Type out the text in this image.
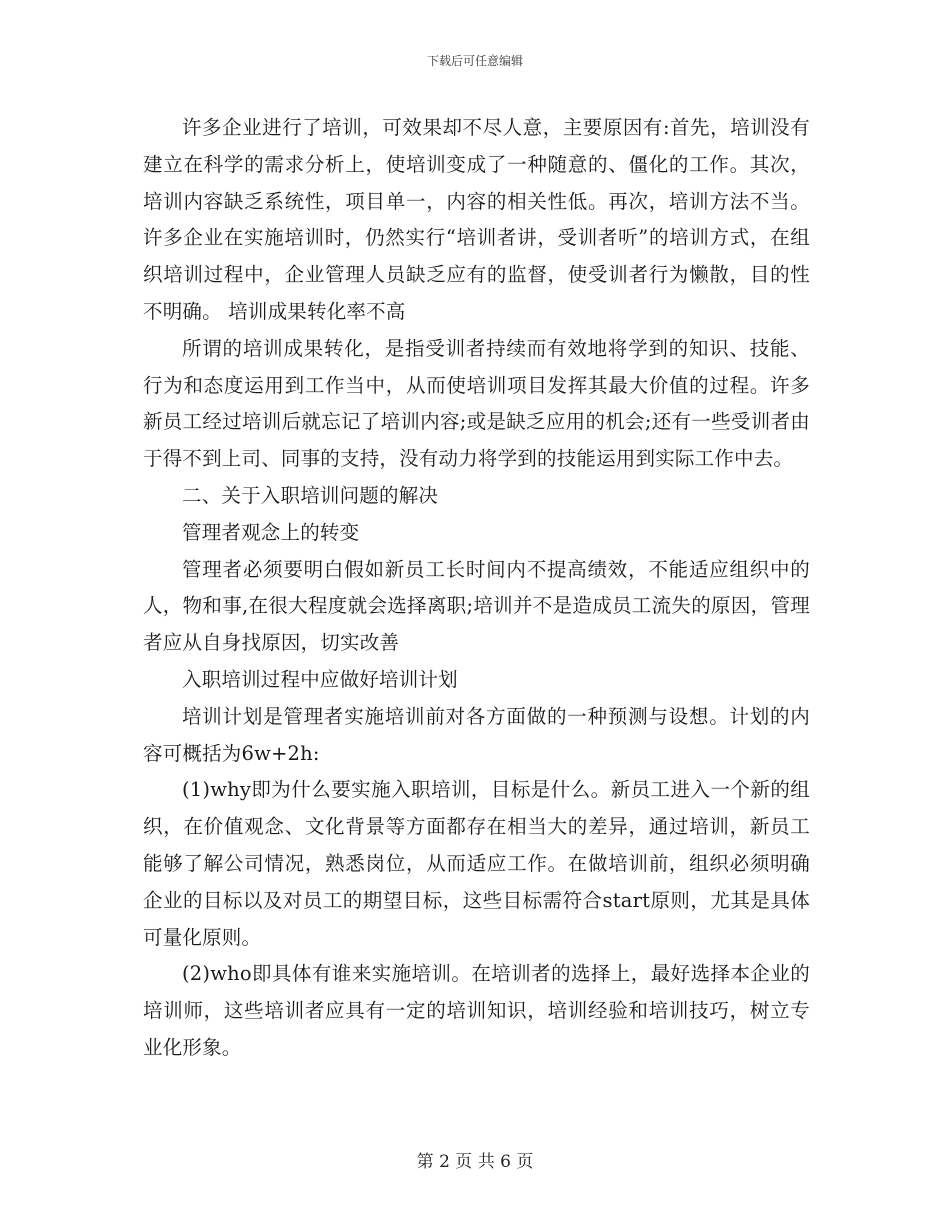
下载后可任意编辑

许多企业进行了培训，可效果却不尽人意，主要原因有:首先，培训没有建立在科学的需求分析上，使培训变成了一种随意的、僵化的工作。其次，培训内容缺乏系统性，项目单一，内容的相关性低。再次，培训方法不当。许多企业在实施培训时，仍然实行“培训者讲，受训者听”的培训方式，在组织培训过程中，企业管理人员缺乏应有的监督，使受训者行为懒散，目的性不明确。 培训成果转化率不高

所谓的培训成果转化，是指受训者持续而有效地将学到的知识、技能、行为和态度运用到工作当中，从而使培训项目发挥其最大价值的过程。许多新员工经过培训后就忘记了培训内容;或是缺乏应用的机会;还有一些受训者由于得不到上司、同事的支持，没有动力将学到的技能运用到实际工作中去。

二、关于入职培训问题的解决

管理者观念上的转变

管理者必须要明白假如新员工长时间内不提高绩效，不能适应组织中的人，物和事,在很大程度就会选择离职;培训并不是造成员工流失的原因，管理者应从自身找原因，切实改善

入职培训过程中应做好培训计划

培训计划是管理者实施培训前对各方面做的一种预测与设想。计划的内容可概括为6w+2h:

(1)why即为什么要实施入职培训，目标是什么。新员工进入一个新的组织，在价值观念、文化背景等方面都存在相当大的差异，通过培训，新员工能够了解公司情况，熟悉岗位，从而适应工作。在做培训前，组织必须明确企业的目标以及对员工的期望目标，这些目标需符合start原则，尤其是具体可量化原则。

(2)who即具体有谁来实施培训。在培训者的选择上，最好选择本企业的培训师，这些培训者应具有一定的培训知识，培训经验和培训技巧，树立专业化形象。

第 2 页 共 6 页
